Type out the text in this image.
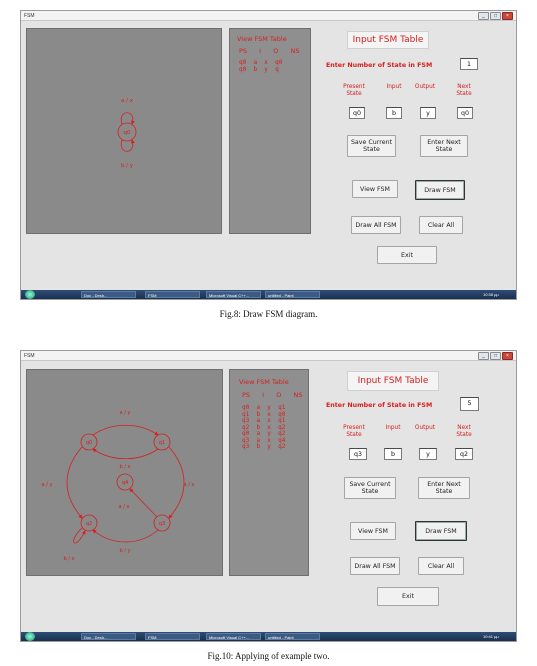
FSM	_	□	×
q0
a / x
b / y
View FSM Table
PS  I  O  NS
q0  a  x  q0
q0  b  y  q
Input FSM Table
Enter Number of State in FSM	1
Present State
Input	Output	Next State
q0	b	y	q0
Save Current State
Enter Next State
View FSM	Draw FSM
Draw All FSM	Clear All
Exit
Doc - Desh...	FSM	Microsoft Visual C++...	untitled - Paint	10:38 μμ
Fig.8: Draw FSM diagram.
FSM	_	□	×
q0	q1
q4
q2	q3
a / y
b / x
a / y	a / x
a / x
b / x
b / y
View FSM Table
PS  I  O  NS
q0  a  y  q1
q1  b  x  q0
q3  a  x  q1
q2  b  x  q2
q0  a  y  q2
q3  a  x  q4
q3  b  y  q2
Input FSM Table
Enter Number of State in FSM	5
Present State
Input	Output	Next State
q3	b	y	q2
Save Current State
Enter Next State
View FSM	Draw FSM
Draw All FSM	Clear All
Exit
Doc - Desh...	FSM	Microsoft Visual C++...	untitled - Paint	10:41 μμ
Fig.10: Applying of example two.
